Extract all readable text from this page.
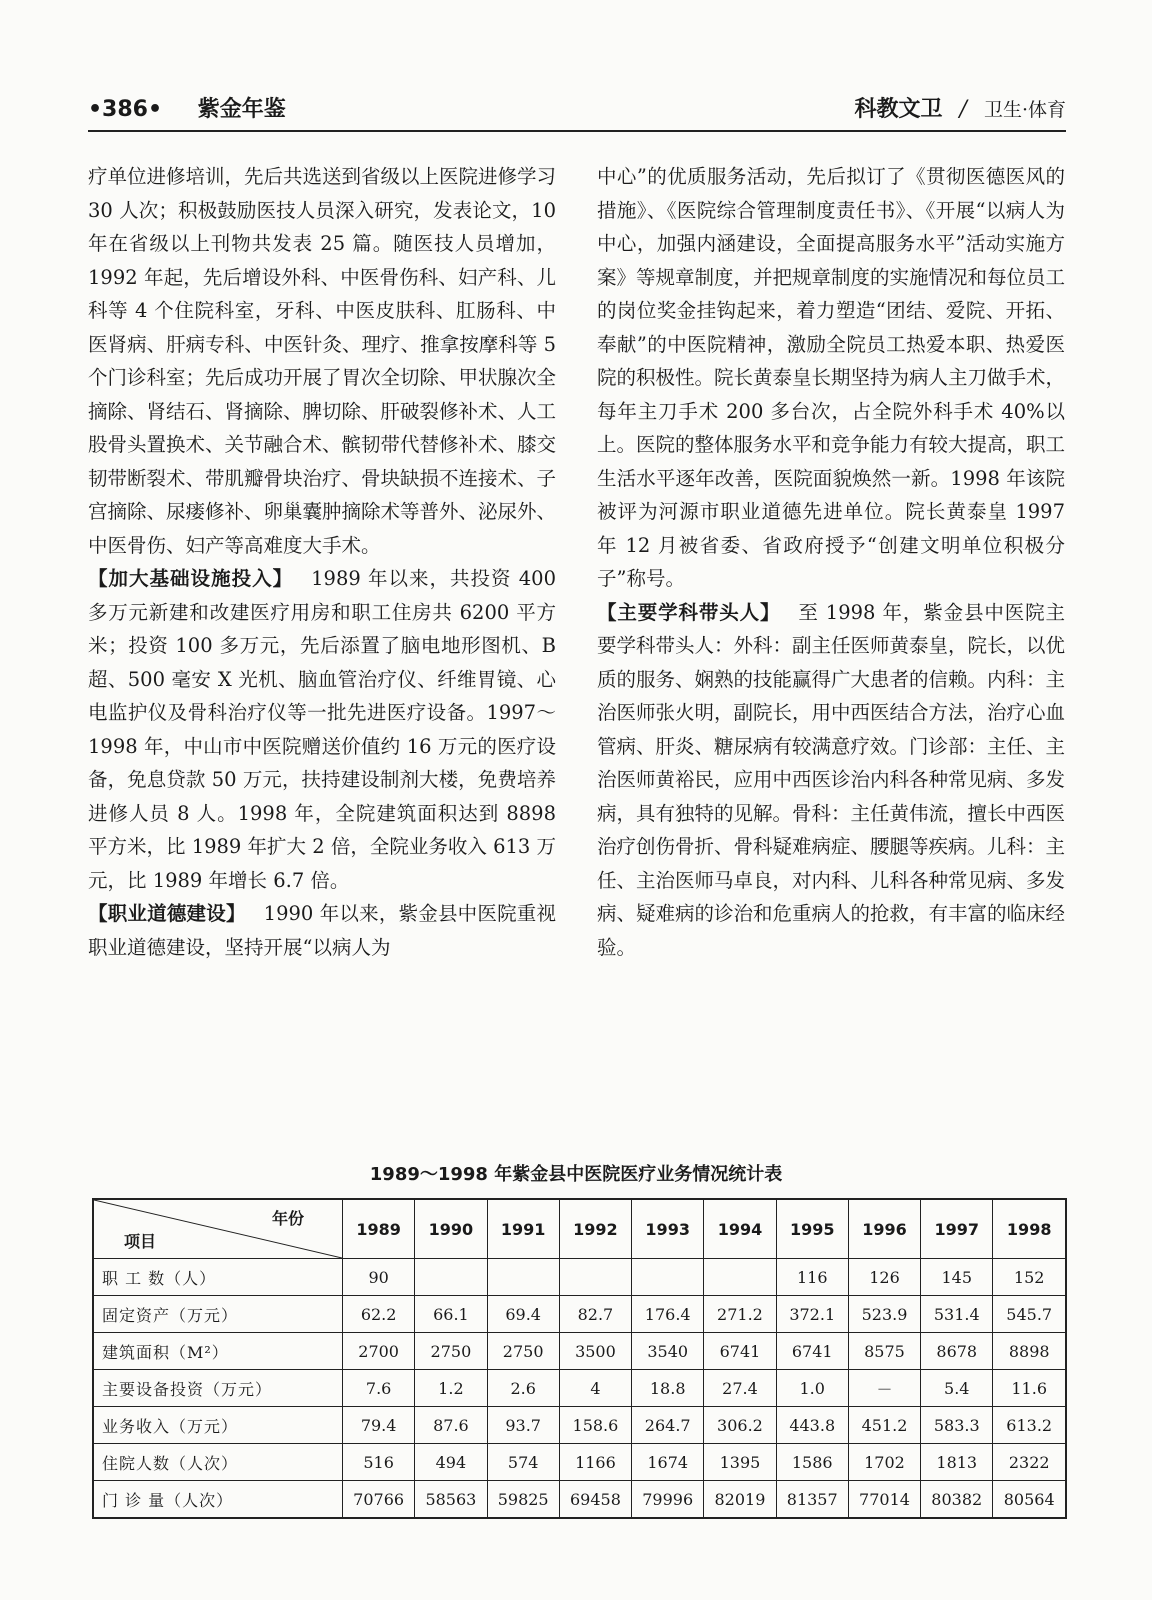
•386• 紫金年鉴	科教文卫 / 卫生·体育

疗单位进修培训，先后共选送到省级以上医院进修学习 30 人次；积极鼓励医技人员深入研究，发表论文，10 年在省级以上刊物共发表 25 篇。随医技人员增加，1992 年起，先后增设外科、中医骨伤科、妇产科、儿科等 4 个住院科室，牙科、中医皮肤科、肛肠科、中医肾病、肝病专科、中医针灸、理疗、推拿按摩科等 5 个门诊科室；先后成功开展了胃次全切除、甲状腺次全摘除、肾结石、肾摘除、脾切除、肝破裂修补术、人工股骨头置换术、关节融合术、髌韧带代替修补术、膝交韧带断裂术、带肌瓣骨块治疗、骨块缺损不连接术、子宫摘除、尿瘘修补、卵巢囊肿摘除术等普外、泌尿外、中医骨伤、妇产等高难度大手术。

【加大基础设施投入】 1989 年以来，共投资 400 多万元新建和改建医疗用房和职工住房共 6200 平方米；投资 100 多万元，先后添置了脑电地形图机、B 超、500 毫安 X 光机、脑血管治疗仪、纤维胃镜、心电监护仪及骨科治疗仪等一批先进医疗设备。1997～1998 年，中山市中医院赠送价值约 16 万元的医疗设备，免息贷款 50 万元，扶持建设制剂大楼，免费培养进修人员 8 人。1998 年，全院建筑面积达到 8898 平方米，比 1989 年扩大 2 倍，全院业务收入 613 万元，比 1989 年增长 6.7 倍。

【职业道德建设】 1990 年以来，紫金县中医院重视职业道德建设，坚持开展“以病人为

中心”的优质服务活动，先后拟订了《贯彻医德医风的措施》、《医院综合管理制度责任书》、《开展“以病人为中心，加强内涵建设，全面提高服务水平”活动实施方案》等规章制度，并把规章制度的实施情况和每位员工的岗位奖金挂钩起来，着力塑造“团结、爱院、开拓、奉献”的中医院精神，激励全院员工热爱本职、热爱医院的积极性。院长黄泰皇长期坚持为病人主刀做手术，每年主刀手术 200 多台次，占全院外科手术 40%以上。医院的整体服务水平和竞争能力有较大提高，职工生活水平逐年改善，医院面貌焕然一新。1998 年该院被评为河源市职业道德先进单位。院长黄泰皇 1997 年 12 月被省委、省政府授予“创建文明单位积极分子”称号。

【主要学科带头人】 至 1998 年，紫金县中医院主要学科带头人：外科：副主任医师黄泰皇，院长，以优质的服务、娴熟的技能赢得广大患者的信赖。内科：主治医师张火明，副院长，用中西医结合方法，治疗心血管病、肝炎、糖尿病有较满意疗效。门诊部：主任、主治医师黄裕民，应用中西医诊治内科各种常见病、多发病，具有独特的见解。骨科：主任黄伟流，擅长中西医治疗创伤骨折、骨科疑难病症、腰腿等疾病。儿科：主任、主治医师马卓良，对内科、儿科各种常见病、多发病、疑难病的诊治和危重病人的抢救，有丰富的临床经验。

1989～1998 年紫金县中医院医疗业务情况统计表
年份
项目	1989	1990	1991	1992	1993	1994	1995	1996	1997	1998
职 工 数（人）	90						116	126	145	152
固定资产（万元）	62.2	66.1	69.4	82.7	176.4	271.2	372.1	523.9	531.4	545.7
建筑面积（M²）	2700	2750	2750	3500	3540	6741	6741	8575	8678	8898
主要设备投资（万元）	7.6	1.2	2.6	4	18.8	27.4	1.0	－	5.4	11.6
业务收入（万元）	79.4	87.6	93.7	158.6	264.7	306.2	443.8	451.2	583.3	613.2
住院人数（人次）	516	494	574	1166	1674	1395	1586	1702	1813	2322
门 诊 量（人次）	70766	58563	59825	69458	79996	82019	81357	77014	80382	80564
